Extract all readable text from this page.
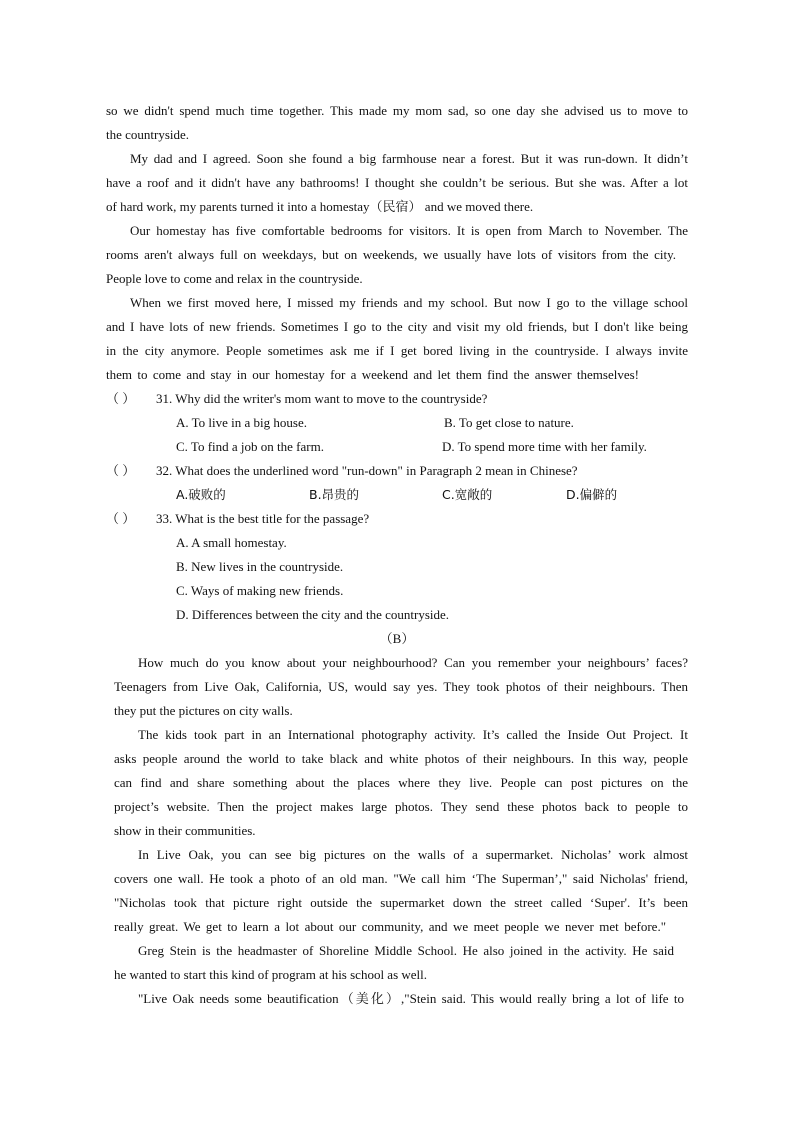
so we didn't spend much time together. This made my mom sad, so one day she advised us to move to
the countryside.
My dad and I agreed. Soon she found a big farmhouse near a forest. But it was run-down. It didn’t
have a roof and it didn't have any bathrooms! I thought she couldn’t be serious. But she was. After a lot
of hard work, my parents turned it into a homestay（民宿） and we moved there.
Our homestay has five comfortable bedrooms for visitors. It is open from March to November. The
rooms aren't always full on weekdays, but on weekends, we usually have lots of visitors from the city.
People love to come and relax in the countryside.
When we first moved here, I missed my friends and my school. But now I go to the village school
and I have lots of new friends. Sometimes I go to the city and visit my old friends, but I don't like being
in the city anymore. People sometimes ask me if I get bored living in the countryside. I always invite
them to come and stay in our homestay for a weekend and let them find the answer themselves!
（ ） 31. Why did the writer's mom want to move to the countryside?
A. To live in a big house.	B. To get close to nature.
C. To find a job on the farm.	D. To spend more time with her family.
（ ） 32. What does the underlined word "run-down" in Paragraph 2 mean in Chinese?
A.破败的	B.昂贵的	C.宽敞的	D.偏僻的
（ ） 33. What is the best title for the passage?
A. A small homestay.
B. New lives in the countryside.
C. Ways of making new friends.
D. Differences between the city and the countryside.
（B）
How much do you know about your neighbourhood? Can you remember your neighbours’ faces?
Teenagers from Live Oak, California, US, would say yes. They took photos of their neighbours. Then
they put the pictures on city walls.
The kids took part in an International photography activity. It’s called the Inside Out Project. It
asks people around the world to take black and white photos of their neighbours. In this way, people
can find and share something about the places where they live. People can post pictures on the
project’s website. Then the project makes large photos. They send these photos back to people to
show in their communities.
In Live Oak, you can see big pictures on the walls of a supermarket. Nicholas’ work almost
covers one wall. He took a photo of an old man. "We call him ‘The Superman’," said Nicholas' friend,
"Nicholas took that picture right outside the supermarket down the street called ‘Super'. It’s been
really great. We get to learn a lot about our community, and we meet people we never met before."
Greg Stein is the headmaster of Shoreline Middle School. He also joined in the activity. He said
he wanted to start this kind of program at his school as well.
"Live Oak needs some beautification（美化）,"Stein said. This would really bring a lot of life to
